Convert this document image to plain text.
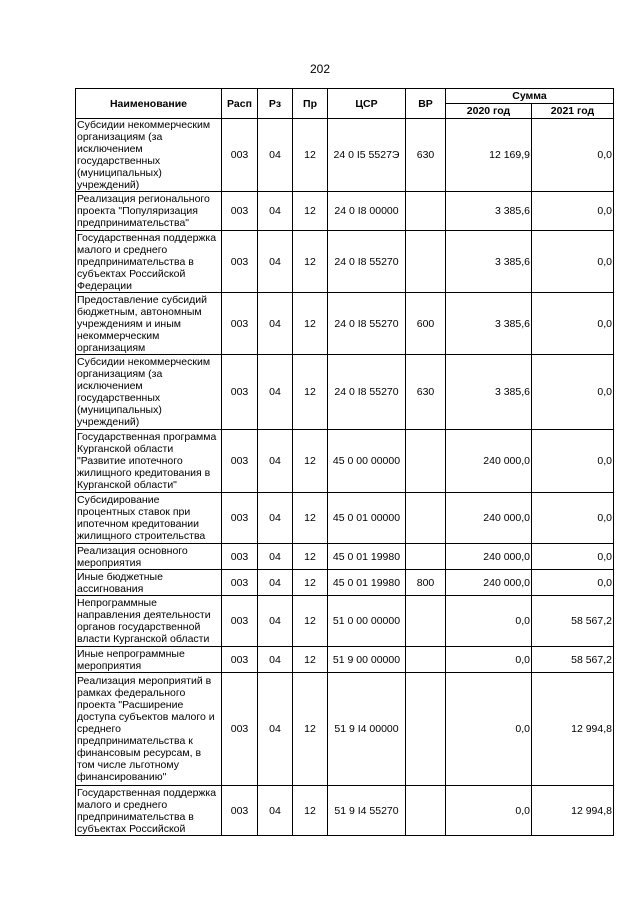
202
Наименование	Расп	Рз	Пр	ЦСР	ВР	Сумма	
						2020 год	2021 год
Субсидии некоммерческим организациям (за исключением государственных (муниципальных) учреждений)	003	04	12	24 0 I5 5527Э	630	12 169,9	0,0
Реализация регионального проекта "Популяризация предпринимательства"	003	04	12	24 0 I8 00000		3 385,6	0,0
Государственная поддержка малого и среднего предпринимательства в субъектах Российской Федерации	003	04	12	24 0 I8 55270		3 385,6	0,0
Предоставление субсидий бюджетным, автономным учреждениям и иным некоммерческим организациям	003	04	12	24 0 I8 55270	600	3 385,6	0,0
Субсидии некоммерческим организациям (за исключением государственных (муниципальных) учреждений)	003	04	12	24 0 I8 55270	630	3 385,6	0,0
Государственная программа Курганской области "Развитие ипотечного жилищного кредитования в Курганской области"	003	04	12	45 0 00 00000		240 000,0	0,0
Субсидирование процентных ставок при ипотечном кредитовании жилищного строительства	003	04	12	45 0 01 00000		240 000,0	0,0
Реализация основного мероприятия	003	04	12	45 0 01 19980		240 000,0	0,0
Иные бюджетные ассигнования	003	04	12	45 0 01 19980	800	240 000,0	0,0
Непрограммные направления деятельности органов государственной власти Курганской области	003	04	12	51 0 00 00000		0,0	58 567,2
Иные непрограммные мероприятия	003	04	12	51 9 00 00000		0,0	58 567,2
Реализация мероприятий в рамках федерального проекта "Расширение доступа субъектов малого и среднего предпринимательства к финансовым ресурсам, в том числе льготному финансированию"	003	04	12	51 9 I4 00000		0,0	12 994,8
Государственная поддержка малого и среднего предпринимательства в субъектах Российской	003	04	12	51 9 I4 55270		0,0	12 994,8
